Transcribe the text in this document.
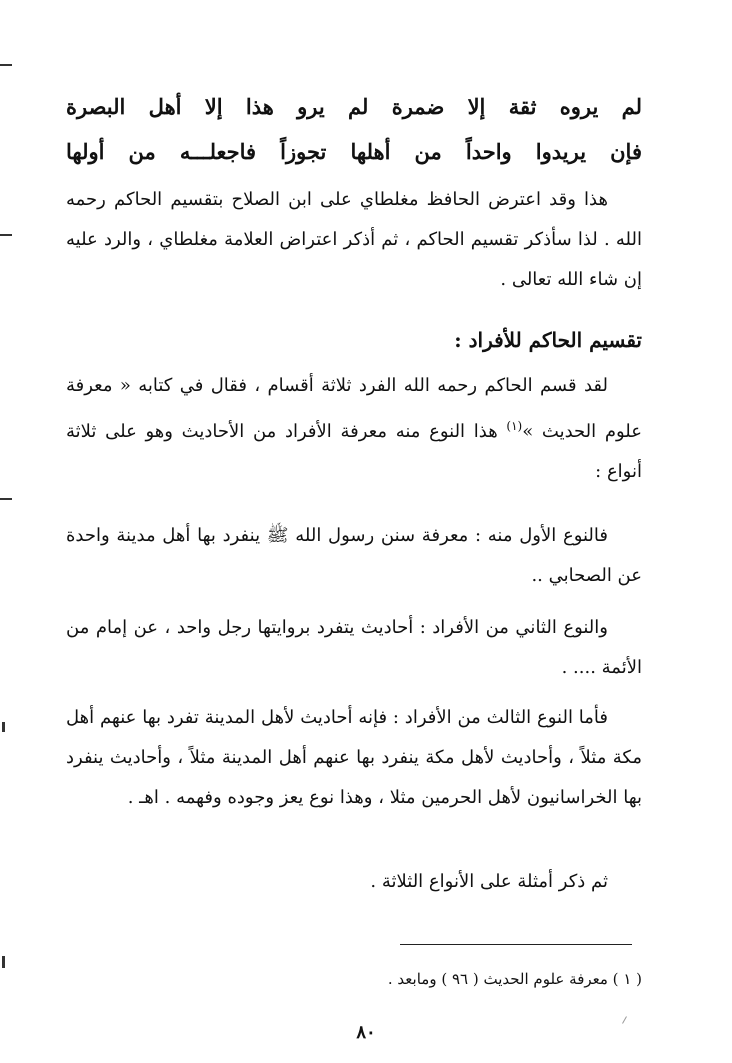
لم يروه ثقة إلا ضمرة لم يرو هذا إلا أهل البصرة
فإن يريدوا واحداً من أهلها تجوزاً فاجعلـــه من أولها
هذا وقد اعترض الحافظ مغلطاي على ابن الصلاح بتقسيم الحاكم رحمه الله . لذا سأذكر تقسيم الحاكم ، ثم أذكر اعتراض العلامة مغلطاي ، والرد عليه إن شاء الله تعالى .
تقسيم الحاكم للأفراد :
لقد قسم الحاكم رحمه الله الفرد ثلاثة أقسام ، فقال في كتابه « معرفة علوم الحديث »$^{(١)}$ هذا النوع منه معرفة الأفراد من الأحاديث وهو على ثلاثة أنواع :
فالنوع الأول منه : معرفة سنن رسول الله ﷺ ينفرد بها أهل مدينة واحدة عن الصحابي ..
والنوع الثاني من الأفراد : أحاديث يتفرد بروايتها رجل واحد ، عن إمام من الأئمة .... .
فأما النوع الثالث من الأفراد : فإنه أحاديث لأهل المدينة تفرد بها عنهم أهل مكة مثلاً ، وأحاديث لأهل مكة ينفرد بها عنهم أهل المدينة مثلاً ، وأحاديث ينفرد بها الخراسانيون لأهل الحرمين مثلا ، وهذا نوع يعز وجوده وفهمه . اهـ .
ثم ذكر أمثلة على الأنواع الثلاثة .
( ١ ) معرفة علوم الحديث ( ٩٦ ) ومابعد .
٨٠
